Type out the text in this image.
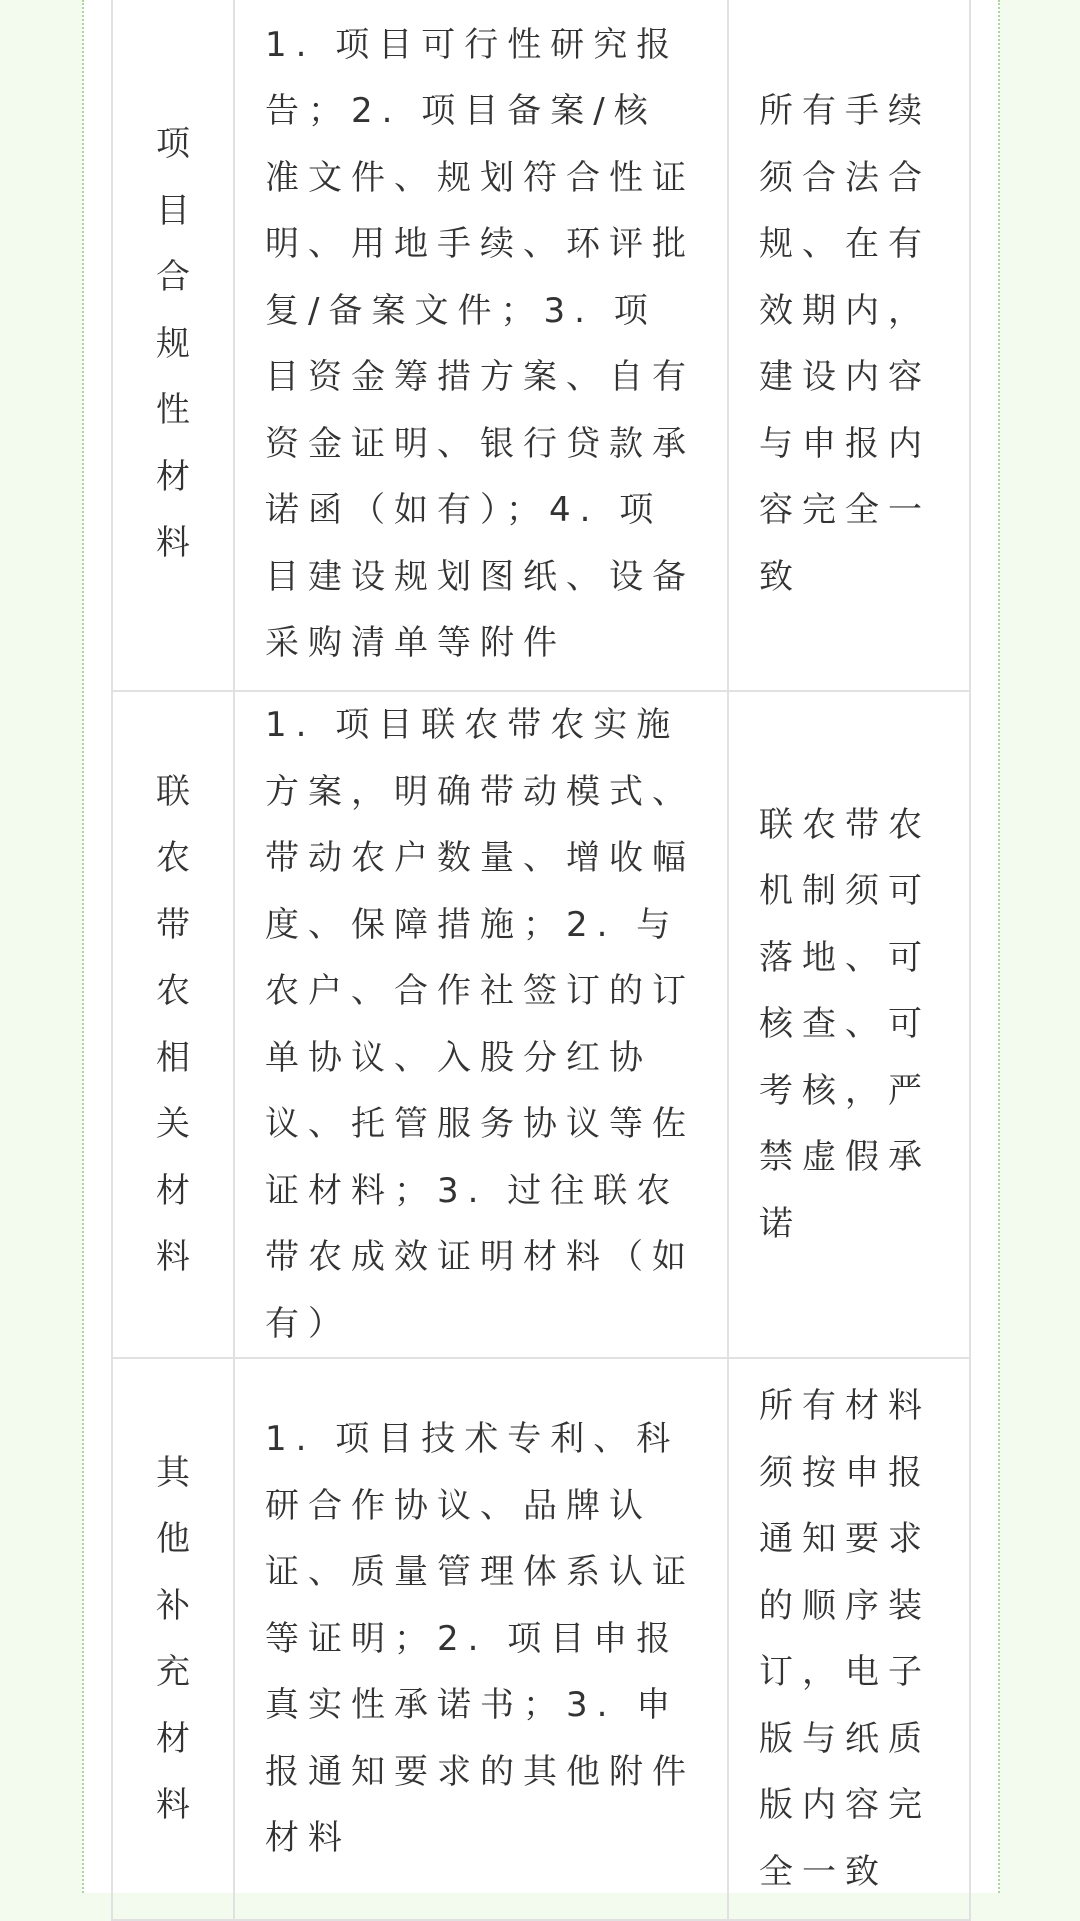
项目合规性材料	1. 项目可行性研究报告；2. 项目备案/核准文件、规划符合性证明、用地手续、环评批复/备案文件；3. 项目资金筹措方案、自有资金证明、银行贷款承诺函（如有）；4. 项目建设规划图纸、设备采购清单等附件	所有手续须合法合规、在有效期内，建设内容与申报内容完全一致

联农带农相关材料	1. 项目联农带农实施方案，明确带动模式、带动农户数量、增收幅度、保障措施；2. 与农户、合作社签订的订单协议、入股分红协议、托管服务协议等佐证材料；3. 过往联农带农成效证明材料（如有）	联农带农机制须可落地、可核查、可考核，严禁虚假承诺

其他补充材料	1. 项目技术专利、科研合作协议、品牌认证、质量管理体系认证等证明；2. 项目申报真实性承诺书；3. 申报通知要求的其他附件材料	所有材料须按申报通知要求的顺序装订，电子版与纸质版内容完全一致
